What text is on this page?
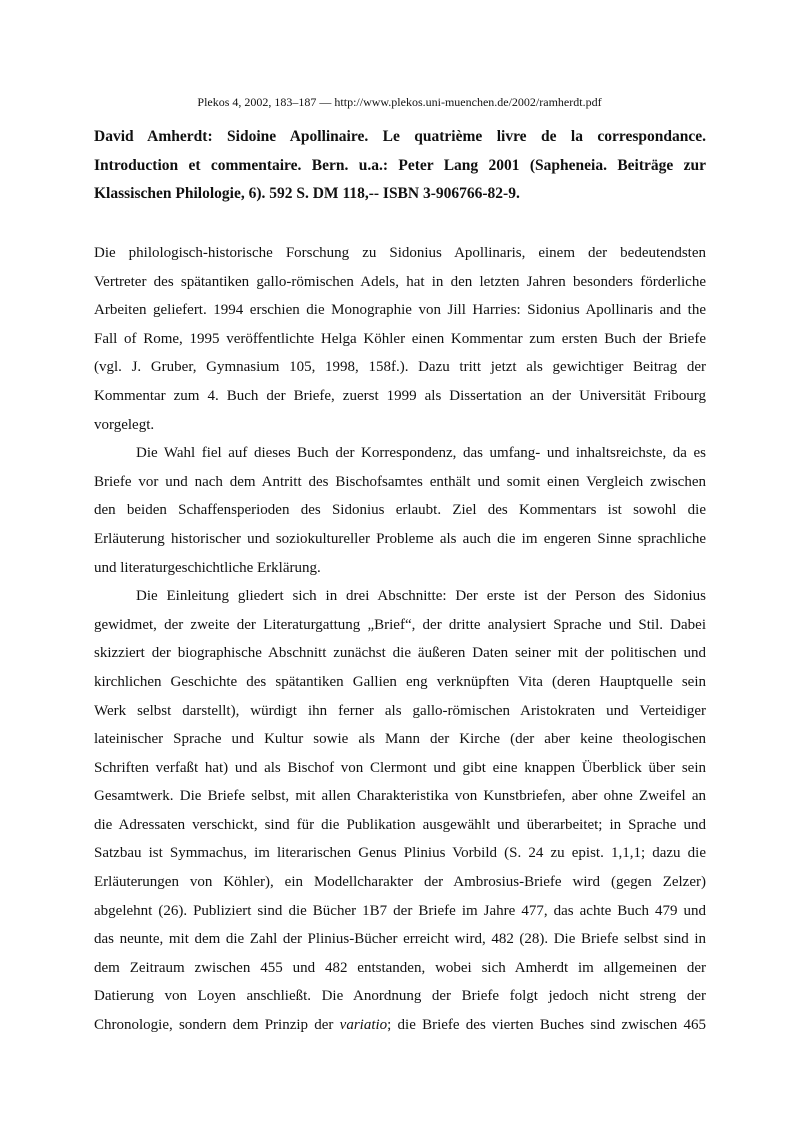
Plekos 4, 2002, 183–187 — http://www.plekos.uni-muenchen.de/2002/ramherdt.pdf
David Amherdt: Sidoine Apollinaire. Le quatrième livre de la correspondance.
Introduction et commentaire. Bern. u.a.: Peter Lang 2001 (Sapheneia. Beiträge zur
Klassischen Philologie, 6). 592 S. DM 118,-- ISBN 3-906766-82-9.
Die philologisch-historische Forschung zu Sidonius Apollinaris, einem der bedeutendsten
Vertreter des spätantiken gallo-römischen Adels, hat in den letzten Jahren besonders förderliche
Arbeiten geliefert. 1994 erschien die Monographie von Jill Harries: Sidonius Apollinaris and the
Fall of Rome, 1995 veröffentlichte Helga Köhler einen Kommentar zum ersten Buch der Briefe
(vgl. J. Gruber, Gymnasium 105, 1998, 158f.). Dazu tritt jetzt als gewichtiger Beitrag der
Kommentar zum 4. Buch der Briefe, zuerst 1999 als Dissertation an der Universität Fribourg
vorgelegt.
Die Wahl fiel auf dieses Buch der Korrespondenz, das umfang- und inhaltsreichste, da es
Briefe vor und nach dem Antritt des Bischofsamtes enthält und somit einen Vergleich zwischen
den beiden Schaffensperioden des Sidonius erlaubt. Ziel des Kommentars ist sowohl die
Erläuterung historischer und soziokultureller Probleme als auch die im engeren Sinne sprachliche
und literaturgeschichtliche Erklärung.
Die Einleitung gliedert sich in drei Abschnitte: Der erste ist der Person des Sidonius
gewidmet, der zweite der Literaturgattung „Brief“, der dritte analysiert Sprache und Stil. Dabei
skizziert der biographische Abschnitt zunächst die äußeren Daten seiner mit der politischen und
kirchlichen Geschichte des spätantiken Gallien eng verknüpften Vita (deren Hauptquelle sein
Werk selbst darstellt), würdigt ihn ferner als gallo-römischen Aristokraten und Verteidiger
lateinischer Sprache und Kultur sowie als Mann der Kirche (der aber keine theologischen
Schriften verfaßt hat) und als Bischof von Clermont und gibt eine knappen Überblick über sein
Gesamtwerk. Die Briefe selbst, mit allen Charakteristika von Kunstbriefen, aber ohne Zweifel an
die Adressaten verschickt, sind für die Publikation ausgewählt und überarbeitet; in Sprache und
Satzbau ist Symmachus, im literarischen Genus Plinius Vorbild (S. 24 zu epist. 1,1,1; dazu die
Erläuterungen von Köhler), ein Modellcharakter der Ambrosius-Briefe wird (gegen Zelzer)
abgelehnt (26). Publiziert sind die Bücher 1B7 der Briefe im Jahre 477, das achte Buch 479 und
das neunte, mit dem die Zahl der Plinius-Bücher erreicht wird, 482 (28). Die Briefe selbst sind in
dem Zeitraum zwischen 455 und 482 entstanden, wobei sich Amherdt im allgemeinen der
Datierung von Loyen anschließt. Die Anordnung der Briefe folgt jedoch nicht streng der
Chronologie, sondern dem Prinzip der variatio; die Briefe des vierten Buches sind zwischen 465
